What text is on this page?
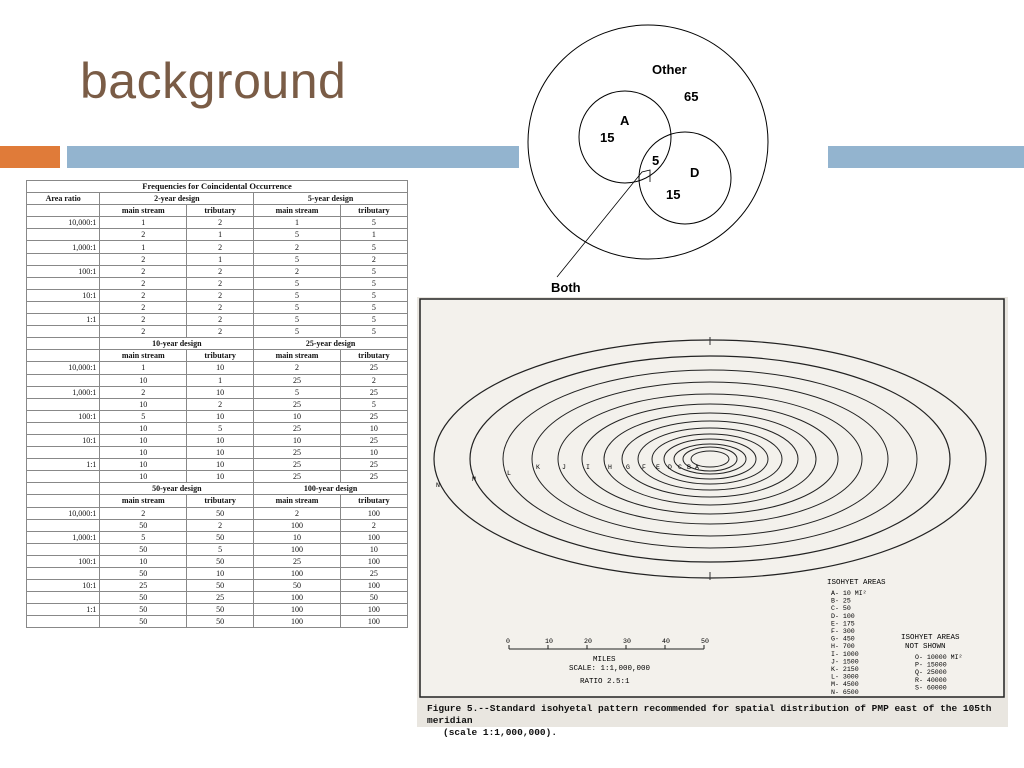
background
Frequencies for Coincidental Occurrence				
Area ratio	2-year design		5-year design	
	main stream	tributary	main stream	tributary
10,000:1	1	2	1	5
	2	1	5	1
1,000:1	1	2	2	5
	2	1	5	2
100:1	2	2	2	5
	2	2	5	5
10:1	2	2	5	5
	2	2	5	5
1:1	2	2	5	5
	2	2	5	5
	10-year design		25-year design	
	main stream	tributary	main stream	tributary
10,000:1	1	10	2	25
	10	1	25	2
1,000:1	2	10	5	25
	10	2	25	5
100:1	5	10	10	25
	10	5	25	10
10:1	10	10	10	25
	10	10	25	10
1:1	10	10	25	25
	10	10	25	25
	50-year design		100-year design	
	main stream	tributary	main stream	tributary
10,000:1	2	50	2	100
	50	2	100	2
1,000:1	5	50	10	100
	50	5	100	10
100:1	10	50	25	100
	50	10	100	25
10:1	25	50	50	100
	50	25	100	50
1:1	50	50	100	100
	50	50	100	100
Other
65
A
15
5
D
15
Both
N
M
L
K	J	I	H G F E D C B A
ISOHYET AREAS
A- 10 MI²
B- 25
C- 50
D- 100
E- 175
F- 300
G- 450
H- 700
I- 1000
J- 1500
K- 2150
L- 3000
M- 4500
N- 6500
ISOHYET AREAS
NOT SHOWN
O- 10000 MI²
P- 15000
Q- 25000
R- 40000
S- 60000
0	10	20	30	40	50
MILES
SCALE: 1:1,000,000
RATIO 2.5:1
Figure 5.--Standard isohyetal pattern recommended for spatial distribution of PMP east of the 105th meridian
(scale 1:1,000,000).
